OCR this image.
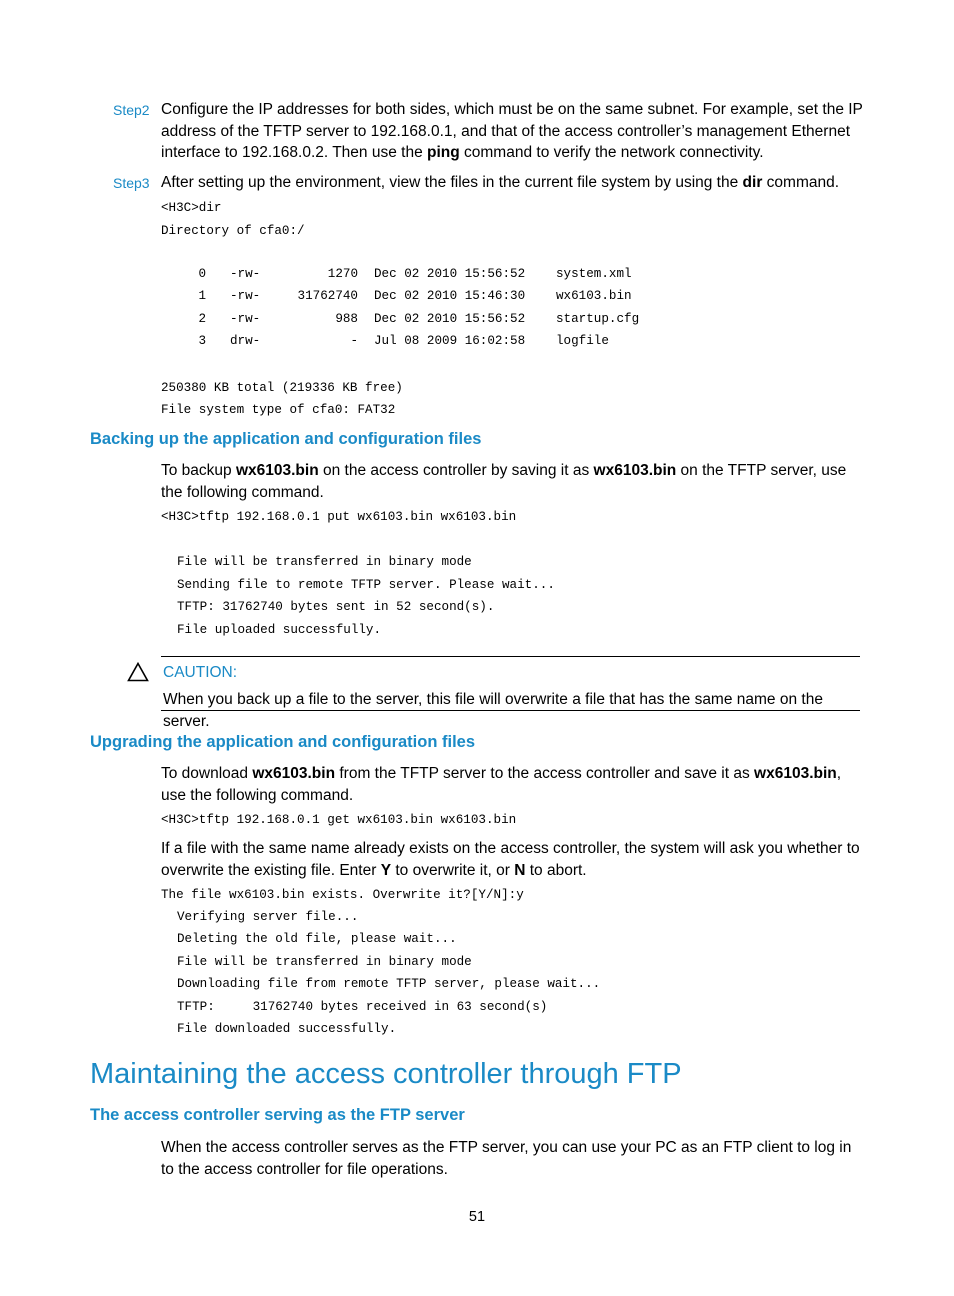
Step2 Configure the IP addresses for both sides, which must be on the same subnet. For example, set the IP address of the TFTP server to 192.168.0.1, and that of the access controller’s management Ethernet interface to 192.168.0.2. Then use the ping command to verify the network connectivity.
Step3 After setting up the environment, view the files in the current file system by using the dir command.
<H3C>dir
Directory of cfa0:/
0	-rw-	1270	Dec 02 2010 15:56:52	system.xml
1	-rw-	31762740	Dec 02 2010 15:46:30	wx6103.bin
2	-rw-	988	Dec 02 2010 15:56:52	startup.cfg
3	drw-	-	Jul 08 2009 16:02:58	logfile
250380 KB total (219336 KB free)
File system type of cfa0: FAT32
Backing up the application and configuration files
To backup wx6103.bin on the access controller by saving it as wx6103.bin on the TFTP server, use the following command.
<H3C>tftp 192.168.0.1 put wx6103.bin wx6103.bin
File will be transferred in binary mode
Sending file to remote TFTP server. Please wait...
TFTP: 31762740 bytes sent in 52 second(s).
File uploaded successfully.
CAUTION:
When you back up a file to the server, this file will overwrite a file that has the same name on the server.
Upgrading the application and configuration files
To download wx6103.bin from the TFTP server to the access controller and save it as wx6103.bin, use the following command.
<H3C>tftp 192.168.0.1 get wx6103.bin wx6103.bin
If a file with the same name already exists on the access controller, the system will ask you whether to overwrite the existing file. Enter Y to overwrite it, or N to abort.
The file wx6103.bin exists. Overwrite it?[Y/N]:y
Verifying server file...
Deleting the old file, please wait...
File will be transferred in binary mode
Downloading file from remote TFTP server, please wait...
TFTP:     31762740 bytes received in 63 second(s)
File downloaded successfully.
Maintaining the access controller through FTP
The access controller serving as the FTP server
When the access controller serves as the FTP server, you can use your PC as an FTP client to log in to the access controller for file operations.
51
